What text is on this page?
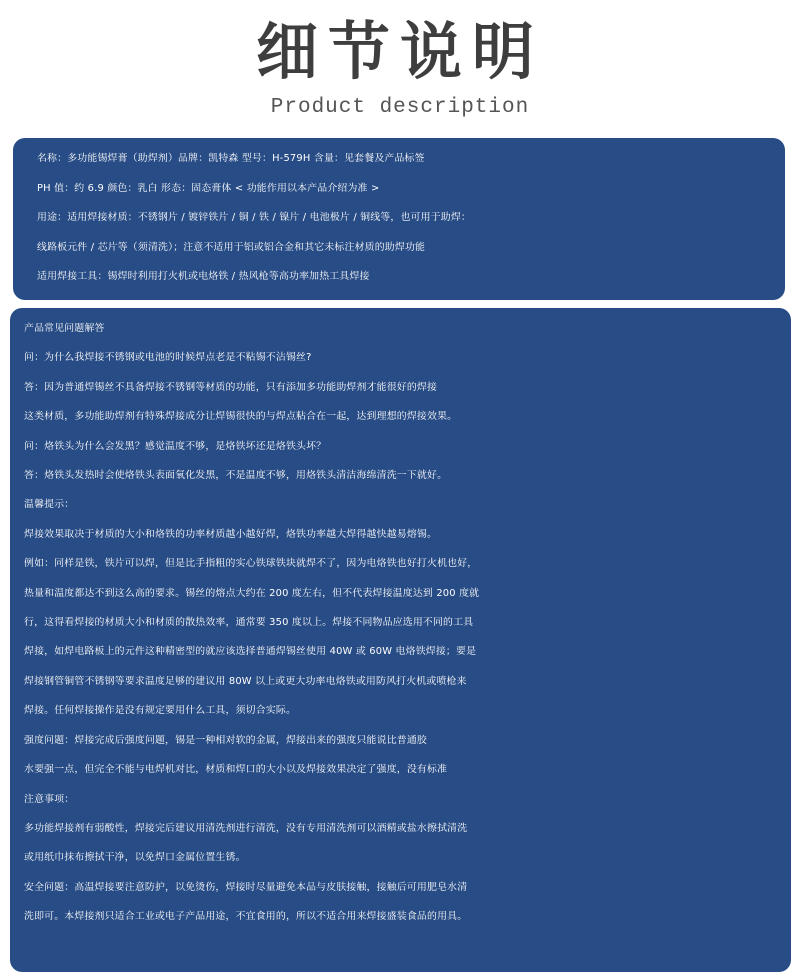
细节说明
Product description
名称：多功能锡焊膏（助焊剂）品牌：凯特森 型号：H-579H 含量：见套餐及产品标签
PH 值：约 6.9 颜色：乳白 形态：固态膏体 < 功能作用以本产品介绍为准 >
用途：适用焊接材质：不锈钢片 / 镀锌铁片 / 铜 / 铁 / 镍片 / 电池极片 / 铜线等，也可用于助焊：
线路板元件 / 芯片等（须清洗）；注意不适用于铝或铝合金和其它未标注材质的助焊功能
适用焊接工具：锡焊时利用打火机或电烙铁 / 热风枪等高功率加热工具焊接
产品常见问题解答
问：为什么我焊接不锈钢或电池的时候焊点老是不粘锡不沾锡丝?
答：因为普通焊锡丝不具备焊接不锈钢等材质的功能，只有添加多功能助焊剂才能很好的焊接
这类材质，多功能助焊剂有特殊焊接成分让焊锡很快的与焊点粘合在一起，达到理想的焊接效果。
问：烙铁头为什么会发黑？感觉温度不够，是烙铁坏还是烙铁头坏？
答：烙铁头发热时会使烙铁头表面氧化发黑，不是温度不够，用烙铁头清洁海绵清洗一下就好。
温馨提示：
焊接效果取决于材质的大小和烙铁的功率材质越小越好焊，烙铁功率越大焊得越快越易熔锡。
例如：同样是铁，铁片可以焊，但是比手指粗的实心铁球铁块就焊不了，因为电烙铁也好打火机也好，
热量和温度都达不到这么高的要求。锡丝的熔点大约在 200 度左右，但不代表焊接温度达到 200 度就
行，这得看焊接的材质大小和材质的散热效率，通常要 350 度以上。焊接不同物品应选用不同的工具
焊接，如焊电路板上的元件这种精密型的就应该选择普通焊锡丝使用 40W 或 60W 电烙铁焊接；要是
焊接钢管铜管不锈钢等要求温度足够的建议用 80W 以上或更大功率电烙铁或用防风打火机或喷枪来
焊接。任何焊接操作是没有规定要用什么工具，须切合实际。
强度问题：焊接完成后强度问题，锡是一种相对软的金属，焊接出来的强度只能说比普通胶
水要强一点，但完全不能与电焊机对比，材质和焊口的大小以及焊接效果决定了强度，没有标准
注意事项：
多功能焊接剂有弱酸性，焊接完后建议用清洗剂进行清洗，没有专用清洗剂可以酒精或盐水擦拭清洗
或用纸巾抹布擦拭干净，以免焊口金属位置生锈。
安全问题：高温焊接要注意防护，以免烫伤，焊接时尽量避免本品与皮肤接触，接触后可用肥皂水清
洗即可。本焊接剂只适合工业或电子产品用途，不宜食用的，所以不适合用来焊接盛装食品的用具。
